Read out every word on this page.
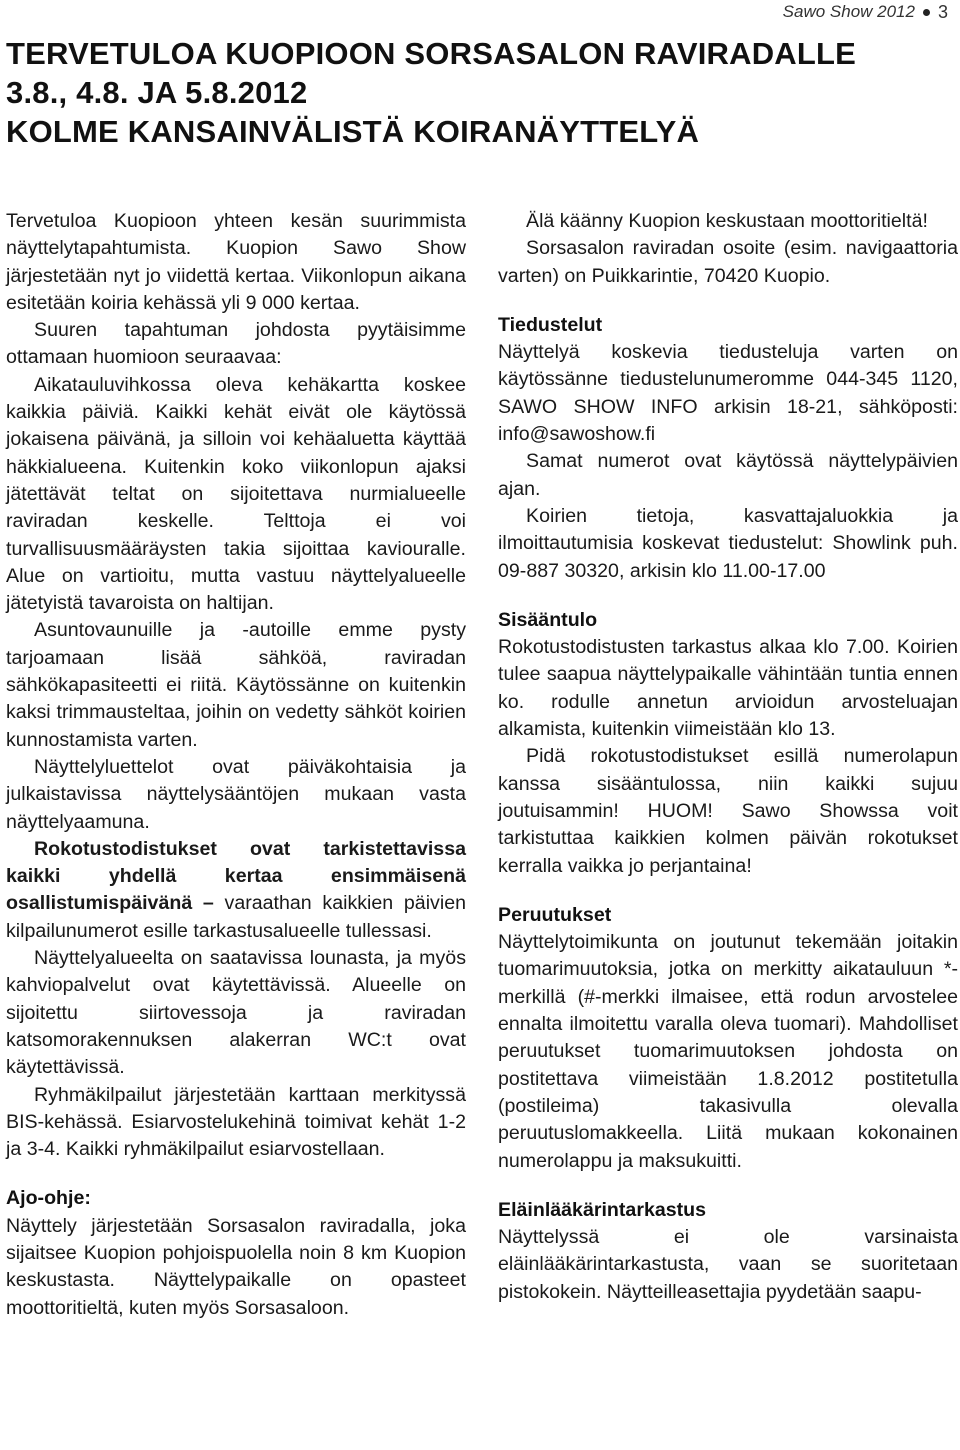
Sawo Show 2012 3
TERVETULOA KUOPIOON SORSASALON RAVIRADALLE
3.8., 4.8. JA 5.8.2012
KOLME KANSAINVÄLISTÄ KOIRANÄYTTELYÄ

Tervetuloa Kuopioon yhteen kesän suurimmista näyttelytapahtumista. Kuopion Sawo Show järjestetään nyt jo viidettä kertaa. Viikonlopun aikana esitetään koiria kehässä yli 9 000 kertaa.

Suuren tapahtuman johdosta pyytäisimme ottamaan huomioon seuraavaa:

Aikatauluvihkossa oleva kehäkartta koskee kaikkia päiviä. Kaikki kehät eivät ole käytössä jokaisena päivänä, ja silloin voi kehäaluetta käyttää häkkialueena. Kuitenkin koko viikonlopun ajaksi jätettävät teltat on sijoitettava nurmialueelle raviradan keskelle. Telttoja ei voi turvallisuusmääräysten takia sijoittaa kaviouralle. Alue on vartioitu, mutta vastuu näyttelyalueelle jätetyistä tavaroista on haltijan.

Asuntovaunuille ja -autoille emme pysty tarjoamaan lisää sähköä, raviradan sähkökapasiteetti ei riitä. Käytössänne on kuitenkin kaksi trimmausteltaa, joihin on vedetty sähköt koirien kunnostamista varten.

Näyttelyluettelot ovat päiväkohtaisia ja julkaistavissa näyttelysääntöjen mukaan vasta näyttelyaamuna.

Rokotustodistukset ovat tarkistettavissa kaikki yhdellä kertaa ensimmäisenä osallistumispäivänä – varaathan kaikkien päivien kilpailunumerot esille tarkastusalueelle tullessasi.

Näyttelyalueelta on saatavissa lounasta, ja myös kahviopalvelut ovat käytettävissä. Alueelle on sijoitettu siirtovessoja ja raviradan katsomorakennuksen alakerran WC:t ovat käytettävissä.

Ryhmäkilpailut järjestetään karttaan merkityssä BIS-kehässä. Esiarvostelukehinä toimivat kehät 1-2 ja 3-4. Kaikki ryhmäkilpailut esiarvostellaan.

Ajo-ohje:

Näyttely järjestetään Sorsasalon raviradalla, joka sijaitsee Kuopion pohjoispuolella noin 8 km Kuopion keskustasta. Näyttelypaikalle on opasteet moottoritieltä, kuten myös Sorsasaloon.

Älä käänny Kuopion keskustaan moottoritieltä!

Sorsasalon raviradan osoite (esim. navigaattoria varten) on Puikkarintie, 70420 Kuopio.

Tiedustelut

Näyttelyä koskevia tiedusteluja varten on käytössänne tiedustelunumeromme 044-345 1120, SAWO SHOW INFO arkisin 18-21, sähköposti: info@sawoshow.fi

Samat numerot ovat käytössä näyttelypäivien ajan.

Koirien tietoja, kasvattajaluokkia ja ilmoittautumisia koskevat tiedustelut: Showlink puh. 09-887 30320, arkisin klo 11.00-17.00

Sisääntulo

Rokotustodistusten tarkastus alkaa klo 7.00. Koirien tulee saapua näyttelypaikalle vähintään tuntia ennen ko. rodulle annetun arvioidun arvosteluajan alkamista, kuitenkin viimeistään klo 13.

Pidä rokotustodistukset esillä numerolapun kanssa sisääntulossa, niin kaikki sujuu joutuisammin! HUOM! Sawo Showssa voit tarkistuttaa kaikkien kolmen päivän rokotukset kerralla vaikka jo perjantaina!

Peruutukset

Näyttelytoimikunta on joutunut tekemään joitakin tuomarimuutoksia, jotka on merkitty aikatauluun *-merkillä (#-merkki ilmaisee, että rodun arvostelee ennalta ilmoitettu varalla oleva tuomari). Mahdolliset peruutukset tuomarimuutoksen johdosta on postitettava viimeistään 1.8.2012 postitetulla (postileima) takasivulla olevalla peruutuslomakkeella. Liitä mukaan kokonainen numerolappu ja maksukuitti.

Eläinlääkärintarkastus

Näyttelyssä ei ole varsinaista eläinlääkärintarkastusta, vaan se suoritetaan pistokokein. Näytteilleasettajia pyydetään saapu-
